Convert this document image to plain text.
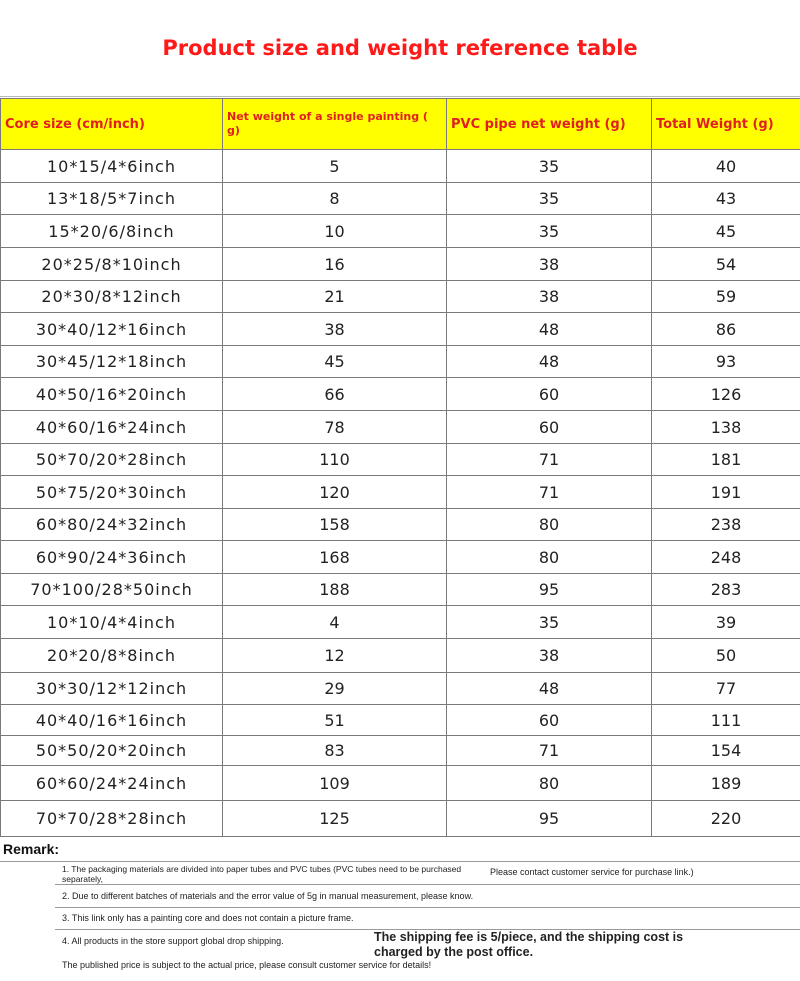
Product size and weight reference table
Core size (cm/inch)	Net weight of a single painting ( g)	PVC pipe net weight (g)	Total Weight (g)
10*15/4*6inch	5	35	40
13*18/5*7inch	8	35	43
15*20/6/8inch	10	35	45
20*25/8*10inch	16	38	54
20*30/8*12inch	21	38	59
30*40/12*16inch	38	48	86
30*45/12*18inch	45	48	93
40*50/16*20inch	66	60	126
40*60/16*24inch	78	60	138
50*70/20*28inch	110	71	181
50*75/20*30inch	120	71	191
60*80/24*32inch	158	80	238
60*90/24*36inch	168	80	248
70*100/28*50inch	188	95	283
10*10/4*4inch	4	35	39
20*20/8*8inch	12	38	50
30*30/12*12inch	29	48	77
40*40/16*16inch	51	60	111
50*50/20*20inch	83	71	154
60*60/24*24inch	109	80	189
70*70/28*28inch	125	95	220
Remark:
1. The packaging materials are divided into paper tubes and PVC tubes (PVC tubes need to be purchased separately,
Please contact customer service for purchase link.)
2. Due to different batches of materials and the error value of 5g in manual measurement, please know.
3. This link only has a painting core and does not contain a picture frame.
4. All products in the store support global drop shipping.	The shipping fee is 5/piece, and the shipping cost is charged by the post office.
The published price is subject to the actual price, please consult customer service for details!
